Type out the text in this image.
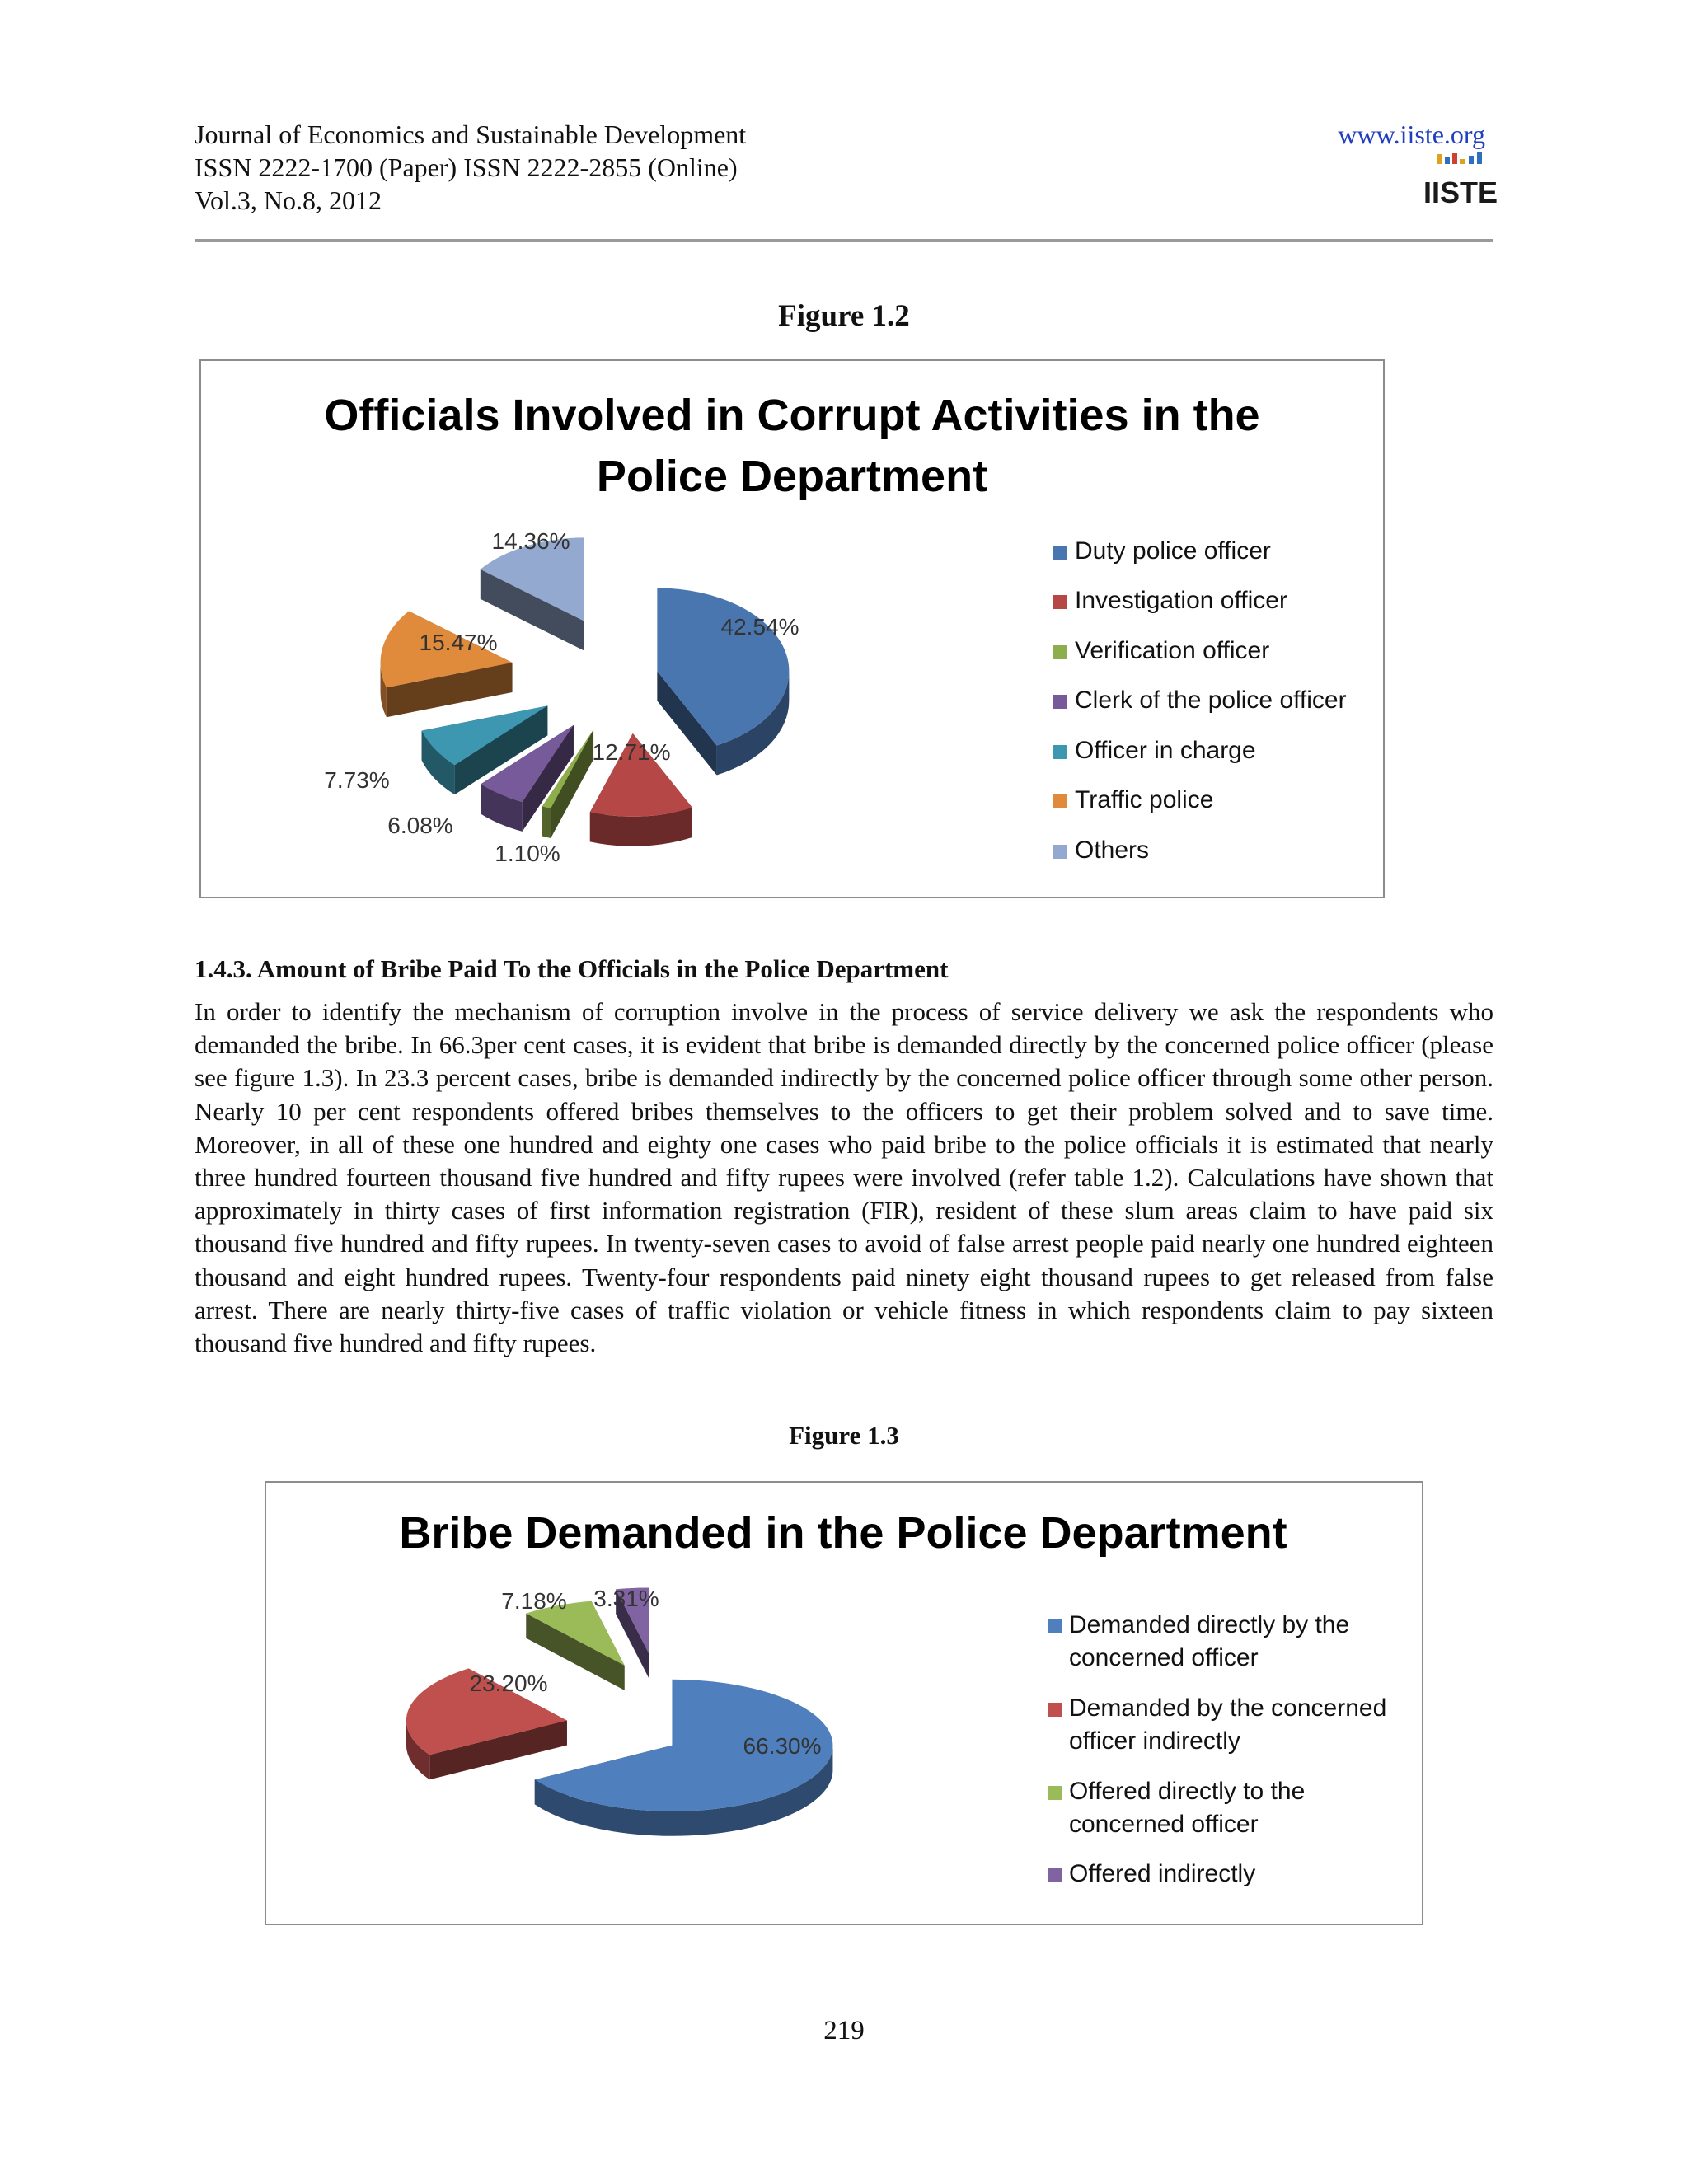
Journal of Economics and Sustainable Development
ISSN 2222-1700 (Paper) ISSN 2222-2855 (Online)
Vol.3, No.8, 2012
www.iiste.org
IISTE
Figure 1.2
Officials Involved in Corrupt Activities in the
Police Department
42.54%
12.71%
1.10%
6.08%
7.73%
15.47%
14.36%	Duty police officer
Investigation officer
Verification officer
Clerk of the police officer
Officer in charge
Traffic police
Others
1.4.3. Amount of Bribe Paid To the Officials in the Police Department

In order to identify the mechanism of corruption involve in the process of service delivery we ask the respondents who demanded the bribe. In 66.3per cent cases, it is evident that bribe is demanded directly by the concerned police officer (please see figure 1.3). In 23.3 percent cases, bribe is demanded indirectly by the concerned police officer through some other person. Nearly 10 per cent respondents offered bribes themselves to the officers to get their problem solved and to save time. Moreover, in all of these one hundred and eighty one cases who paid bribe to the police officials it is estimated that nearly three hundred fourteen thousand five hundred and fifty rupees were involved (refer table 1.2). Calculations have shown that approximately in thirty cases of first information registration (FIR), resident of these slum areas claim to have paid six thousand five hundred and fifty rupees. In twenty-seven cases to avoid of false arrest people paid nearly one hundred eighteen thousand and eight hundred rupees. Twenty-four respondents paid ninety eight thousand rupees to get released from false arrest. There are nearly thirty-five cases of traffic violation or vehicle fitness in which respondents claim to pay sixteen thousand five hundred and fifty rupees.

Figure 1.3
Bribe Demanded in the Police Department
66.30%
23.20%
7.18% 3.31%
Demanded directly by the
concerned officer
Demanded by the concerned
officer indirectly
Offered directly to the
concerned officer
Offered indirectly
219
